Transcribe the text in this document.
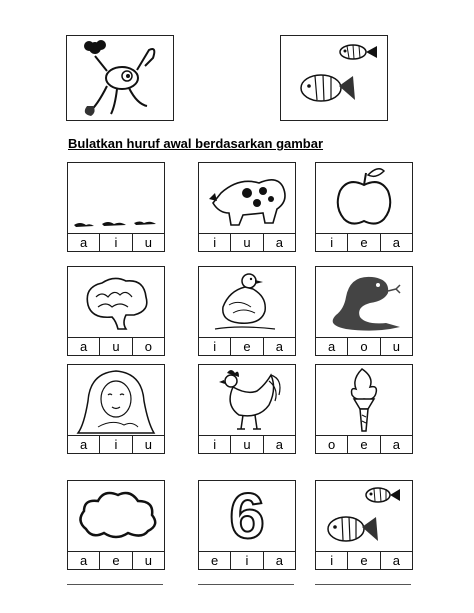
Bulatkan huruf awal berdasarkan gambar
a	i	u	i	u	a	i	e	a
a	u	o	i	e	a	a	o	u
a	i	u	i	u	a	o	e	a
a	e	u
6
e	i	a	i	e	a
